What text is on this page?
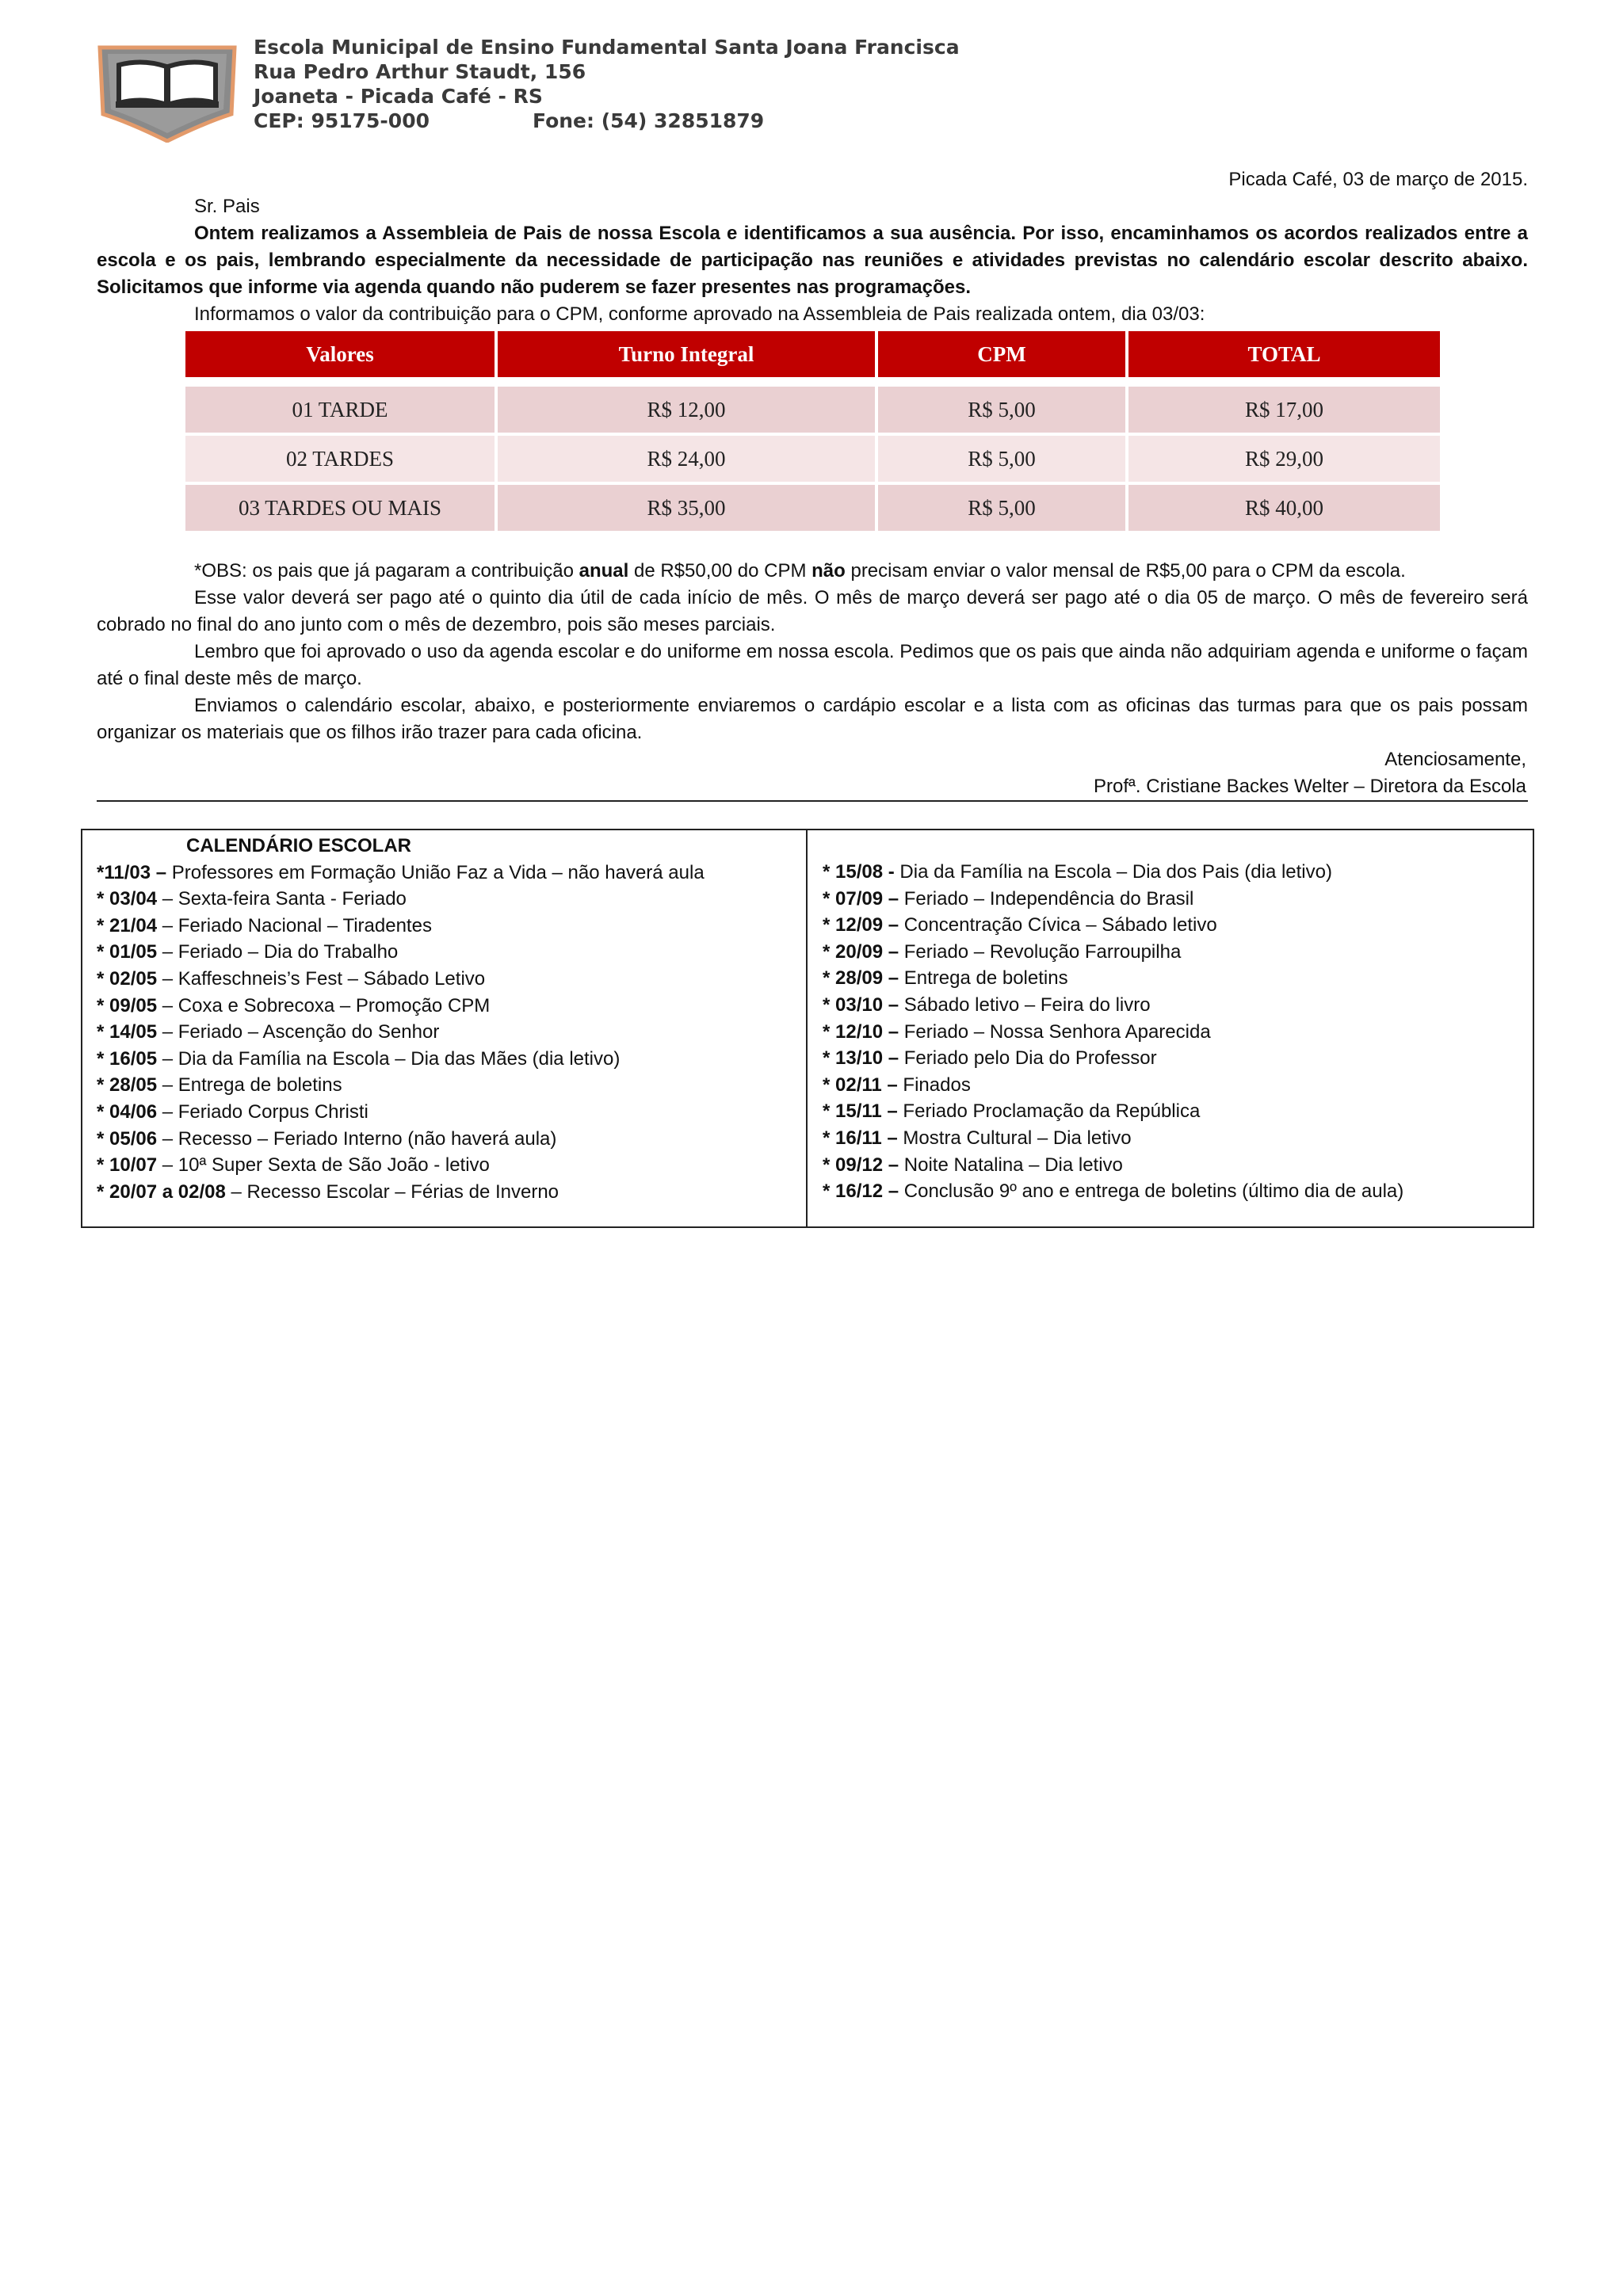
Escola Municipal de Ensino Fundamental Santa Joana Francisca
Rua Pedro Arthur Staudt, 156
Joaneta - Picada Café - RS
CEP: 95175-000	Fone: (54) 32851879
Picada Café, 03 de março de 2015.
Sr. Pais
Ontem realizamos a Assembleia de Pais de nossa Escola e identificamos a sua ausência. Por isso, encaminhamos os acordos realizados entre a escola e os pais, lembrando especialmente da necessidade de participação nas reuniões e atividades previstas no calendário escolar descrito abaixo. Solicitamos que informe via agenda quando não puderem se fazer presentes nas programações.
Informamos o valor da contribuição para o CPM, conforme aprovado na Assembleia de Pais realizada ontem, dia 03/03:
Valores	Turno Integral	CPM	TOTAL

01 TARDE	R$ 12,00	R$ 5,00	R$ 17,00
02 TARDES	R$ 24,00	R$ 5,00	R$ 29,00
03 TARDES OU MAIS	R$ 35,00	R$ 5,00	R$ 40,00
*OBS: os pais que já pagaram a contribuição anual de R$50,00 do CPM não precisam enviar o valor mensal de R$5,00 para o CPM da escola.
Esse valor deverá ser pago até o quinto dia útil de cada início de mês. O mês de março deverá ser pago até o dia 05 de março. O mês de fevereiro será cobrado no final do ano junto com o mês de dezembro, pois são meses parciais.
Lembro que foi aprovado o uso da agenda escolar e do uniforme em nossa escola. Pedimos que os pais que ainda não adquiriam agenda e uniforme o façam até o final deste mês de março.
Enviamos o calendário escolar, abaixo, e posteriormente enviaremos o cardápio escolar e a lista com as oficinas das turmas para que os pais possam organizar os materiais que os filhos irão trazer para cada oficina.
Atenciosamente,
Profª. Cristiane Backes Welter – Diretora da Escola
CALENDÁRIO ESCOLAR
*11/03 – Professores em Formação União Faz a Vida – não haverá aula
* 03/04 – Sexta-feira Santa - Feriado
* 21/04 – Feriado Nacional – Tiradentes
* 01/05 – Feriado – Dia do Trabalho
* 02/05 – Kaffeschneis’s Fest – Sábado Letivo
* 09/05 – Coxa e Sobrecoxa – Promoção CPM
* 14/05 – Feriado – Ascenção do Senhor
* 16/05 – Dia da Família na Escola – Dia das Mães (dia letivo)
* 28/05 – Entrega de boletins
* 04/06 – Feriado Corpus Christi
* 05/06 – Recesso – Feriado Interno (não haverá aula)
* 10/07 – 10ª Super Sexta de São João - letivo
* 20/07 a 02/08 – Recesso Escolar – Férias de Inverno
* 15/08 - Dia da Família na Escola – Dia dos Pais (dia letivo)
* 07/09 – Feriado – Independência do Brasil
* 12/09 – Concentração Cívica – Sábado letivo
* 20/09 – Feriado – Revolução Farroupilha
* 28/09 – Entrega de boletins
* 03/10 – Sábado letivo – Feira do livro
* 12/10 – Feriado – Nossa Senhora Aparecida
* 13/10 – Feriado pelo Dia do Professor
* 02/11 – Finados
* 15/11 – Feriado Proclamação da República
* 16/11 – Mostra Cultural – Dia letivo
* 09/12 – Noite Natalina – Dia letivo
* 16/12 – Conclusão 9º ano e entrega de boletins (último dia de aula)
